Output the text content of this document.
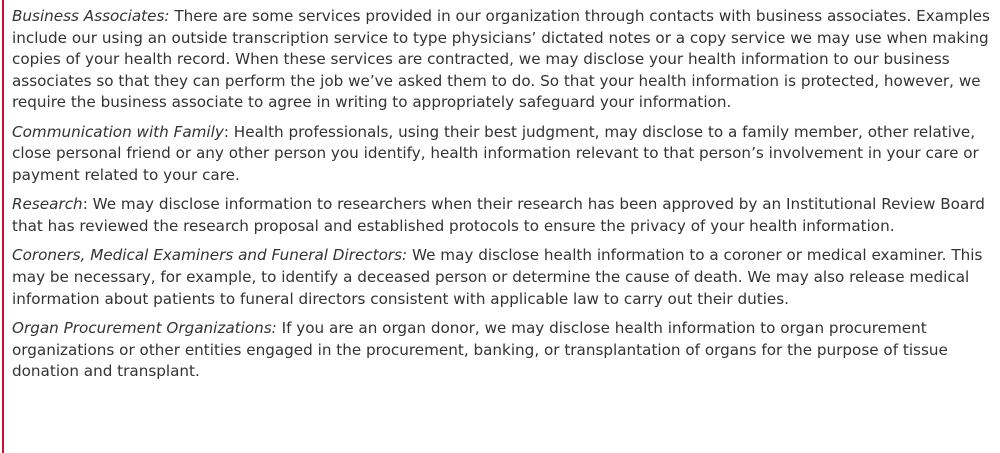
Business Associates: There are some services provided in our organization through contacts with business associates. Examples include our using an outside transcription service to type physicians’ dictated notes or a copy service we may use when making copies of your health record. When these services are contracted, we may disclose your health information to our business associates so that they can perform the job we’ve asked them to do. So that your health information is protected, however, we require the business associate to agree in writing to appropriately safeguard your information.

Communication with Family: Health professionals, using their best judgment, may disclose to a family member, other relative, close personal friend or any other person you identify, health information relevant to that person’s involvement in your care or payment related to your care.

Research: We may disclose information to researchers when their research has been approved by an Institutional Review Board that has reviewed the research proposal and established protocols to ensure the privacy of your health information.

Coroners, Medical Examiners and Funeral Directors: We may disclose health information to a coroner or medical examiner. This may be necessary, for example, to identify a deceased person or determine the cause of death. We may also release medical information about patients to funeral directors consistent with applicable law to carry out their duties.

Organ Procurement Organizations: If you are an organ donor, we may disclose health information to organ procurement organizations or other entities engaged in the procurement, banking, or transplantation of organs for the purpose of tissue donation and transplant.
